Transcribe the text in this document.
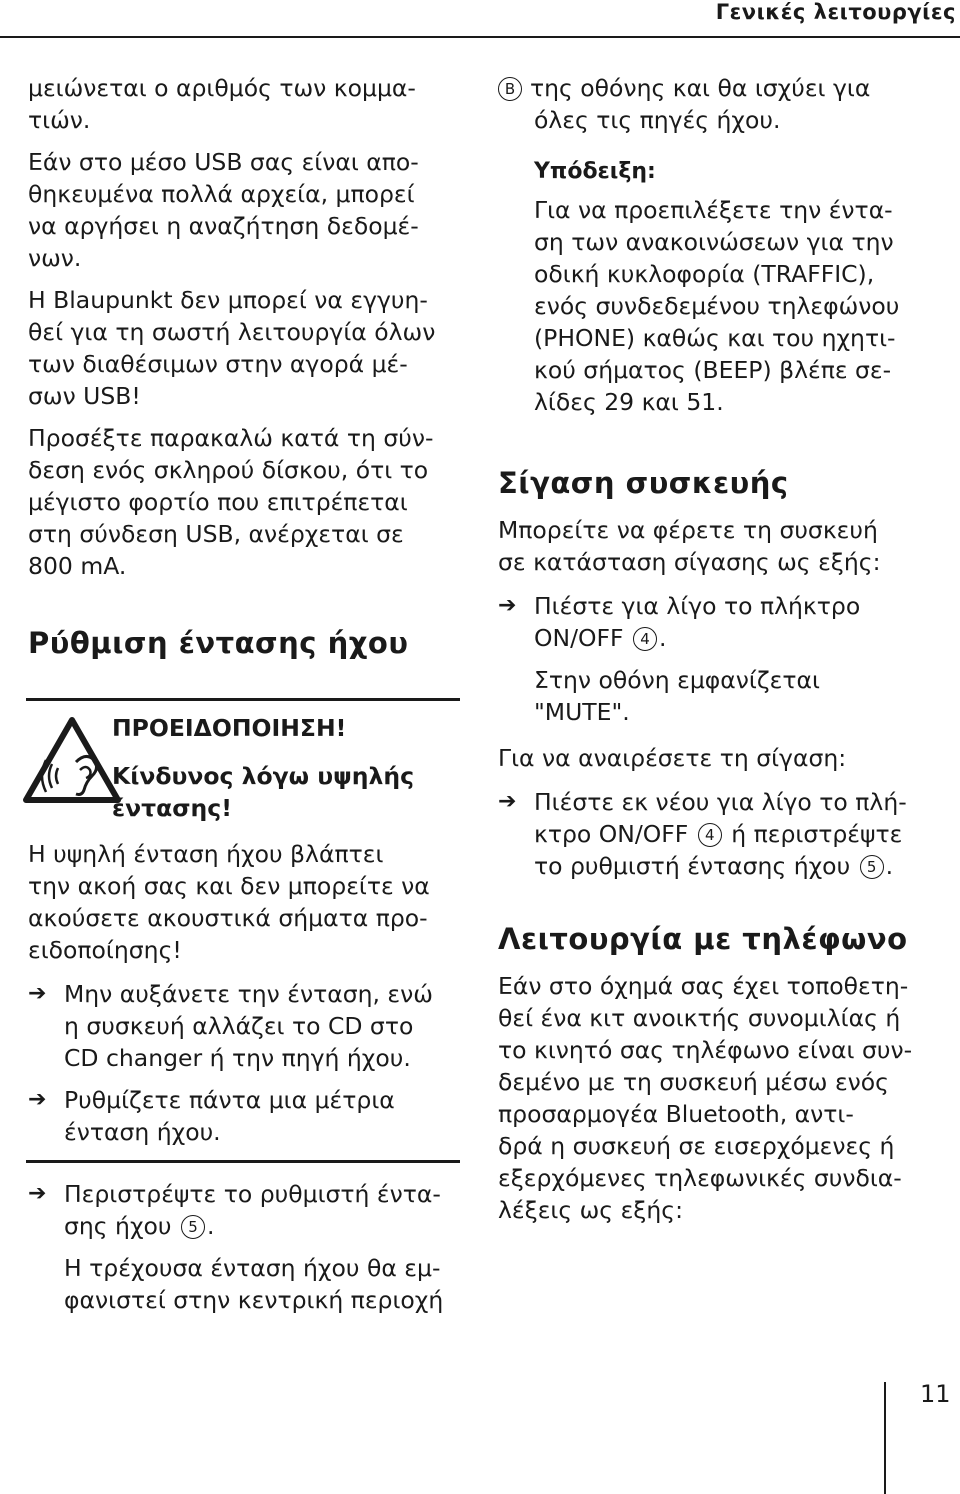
Γενικές λειτουργίες
μειώνεται ο αριθμός των κομμα-
τιών.
Εάν στο μέσο USB σας είναι απο-
θηκευμένα πολλά αρχεία, μπορεί
να αργήσει η αναζήτηση δεδομέ-
νων.
Η Blaupunkt δεν μπορεί να εγγυη-
θεί για τη σωστή λειτουργία όλων
των διαθέσιμων στην αγορά μέ-
σων USB!
Προσέξτε παρακαλώ κατά τη σύν-
δεση ενός σκληρού δίσκου, ότι το
μέγιστο φορτίο που επιτρέπεται
στη σύνδεση USB, ανέρχεται σε
800 mA.
Ρύθμιση έντασης ήχου
ΠΡΟΕΙΔΟΠΟΙΗΣΗ!
Κίνδυνος λόγω υψηλής
έντασης!
Η υψηλή ένταση ήχου βλάπτει
την ακοή σας και δεν μπορείτε να
ακούσετε ακουστικά σήματα προ-
ειδοποίησης!
➔ Μην αυξάνετε την ένταση, ενώ
η συσκευή αλλάζει το CD στο
CD changer ή την πηγή ήχου.
➔ Ρυθμίζετε πάντα μια μέτρια
ένταση ήχου.
➔ Περιστρέψτε το ρυθμιστή έντα-
σης ήχου 5 .
Η τρέχουσα ένταση ήχου θα εμ-
φανιστεί στην κεντρική περιοχή
B της οθόνης και θα ισχύει για
όλες τις πηγές ήχου.
Υπόδειξη:
Για να προεπιλέξετε την έντα-
ση των ανακοινώσεων για την
οδική κυκλοφορία (TRAFFIC),
ενός συνδεδεμένου τηλεφώνου
(PHONE) καθώς και του ηχητι-
κού σήματος (BEEP) βλέπε σε-
λίδες 29 και 51.
Σίγαση συσκευής
Μπορείτε να φέρετε τη συσκευή
σε κατάσταση σίγασης ως εξής:
➔ Πιέστε για λίγο το πλήκτρο
ON/OFF 4 .
Στην οθόνη εμφανίζεται
"MUTE".
Για να αναιρέσετε τη σίγαση:
➔ Πιέστε εκ νέου για λίγο το πλή-
κτρο ON/OFF 4 ή περιστρέψτε
το ρυθμιστή έντασης ήχου 5 .
Λειτουργία με τηλέφωνο
Εάν στο όχημά σας έχει τοποθετη-
θεί ένα κιτ ανοικτής συνομιλίας ή
το κινητό σας τηλέφωνο είναι συν-
δεμένο με τη συσκευή μέσω ενός
προσαρμογέα Bluetooth, αντι-
δρά η συσκευή σε εισερχόμενες ή
εξερχόμενες τηλεφωνικές συνδια-
λέξεις ως εξής:
11
